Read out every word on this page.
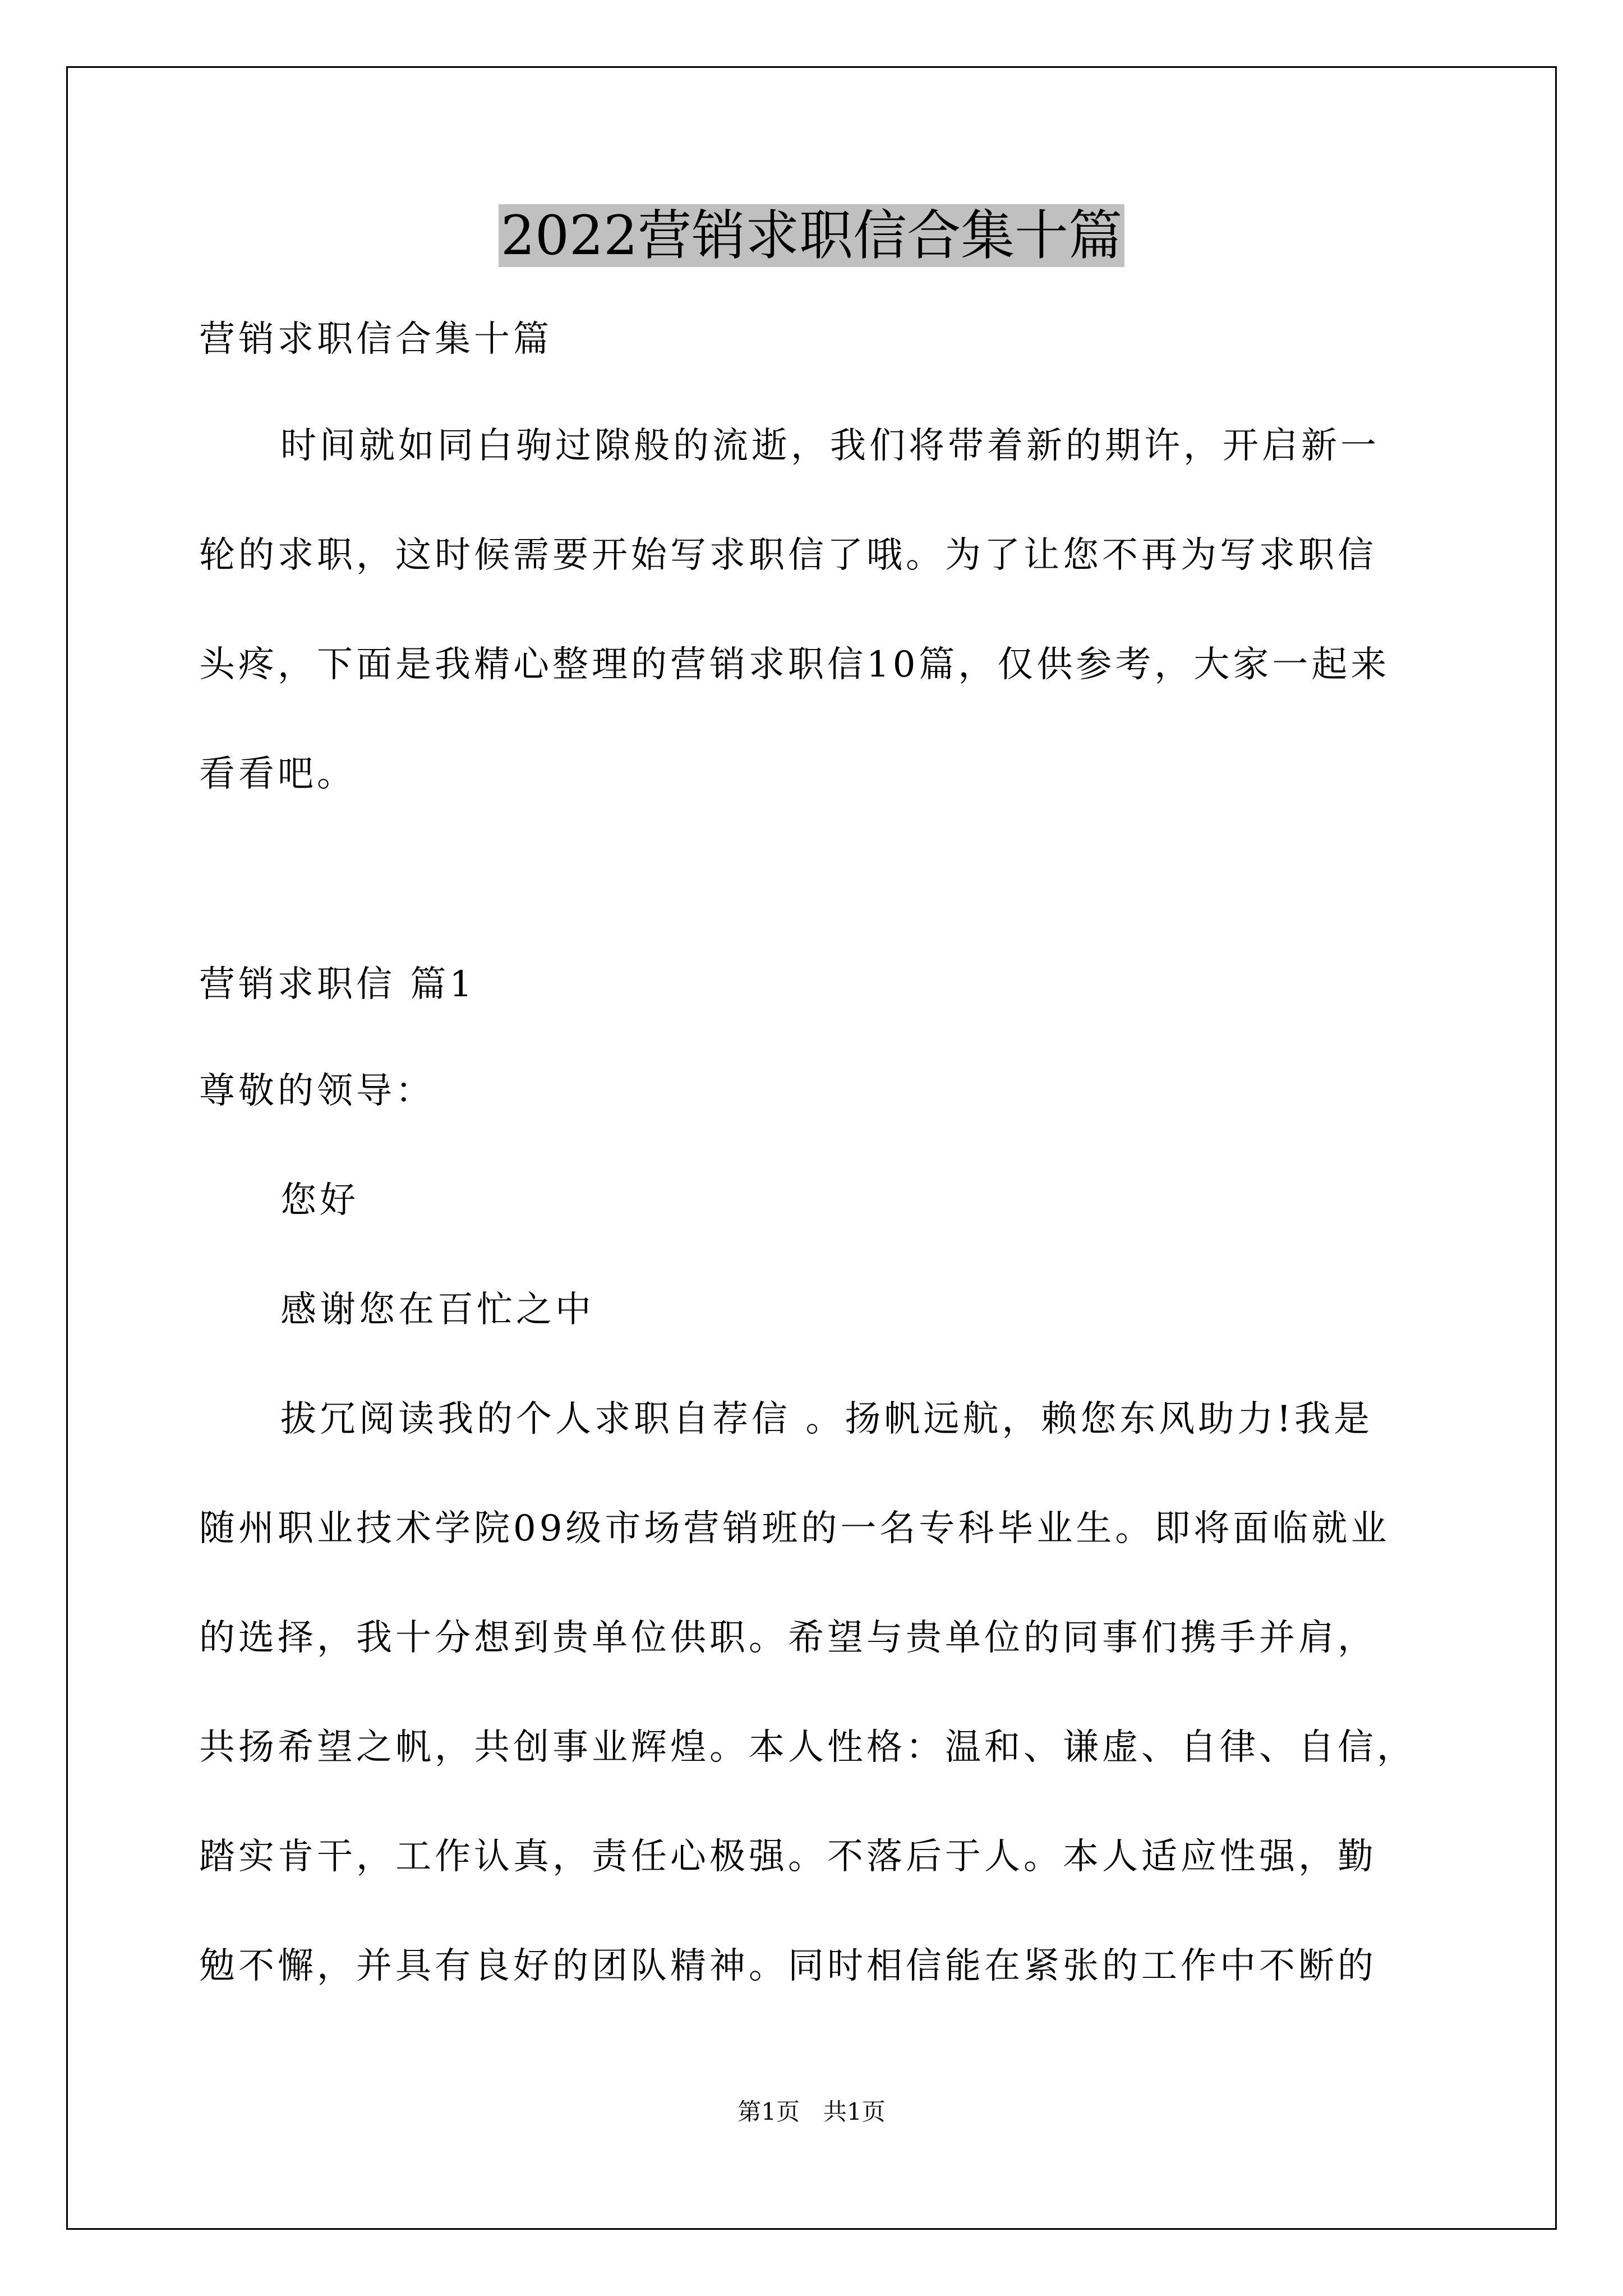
2022营销求职信合集十篇
营销求职信合集十篇
时间就如同白驹过隙般的流逝，我们将带着新的期许，开启新一
轮的求职，这时候需要开始写求职信了哦。为了让您不再为写求职信
头疼，下面是我精心整理的营销求职信10篇，仅供参考，大家一起来
看看吧。
营销求职信 篇1
尊敬的领导：
您好
感谢您在百忙之中
拔冗阅读我的个人求职自荐信 。扬帆远航，赖您东风助力!我是
随州职业技术学院09级市场营销班的一名专科毕业生。即将面临就业
的选择，我十分想到贵单位供职。希望与贵单位的同事们携手并肩，
共扬希望之帆，共创事业辉煌。本人性格：温和、谦虚、自律、自信，
踏实肯干，工作认真，责任心极强。不落后于人。本人适应性强，勤
勉不懈，并具有良好的团队精神。同时相信能在紧张的工作中不断的
第1页　共1页
